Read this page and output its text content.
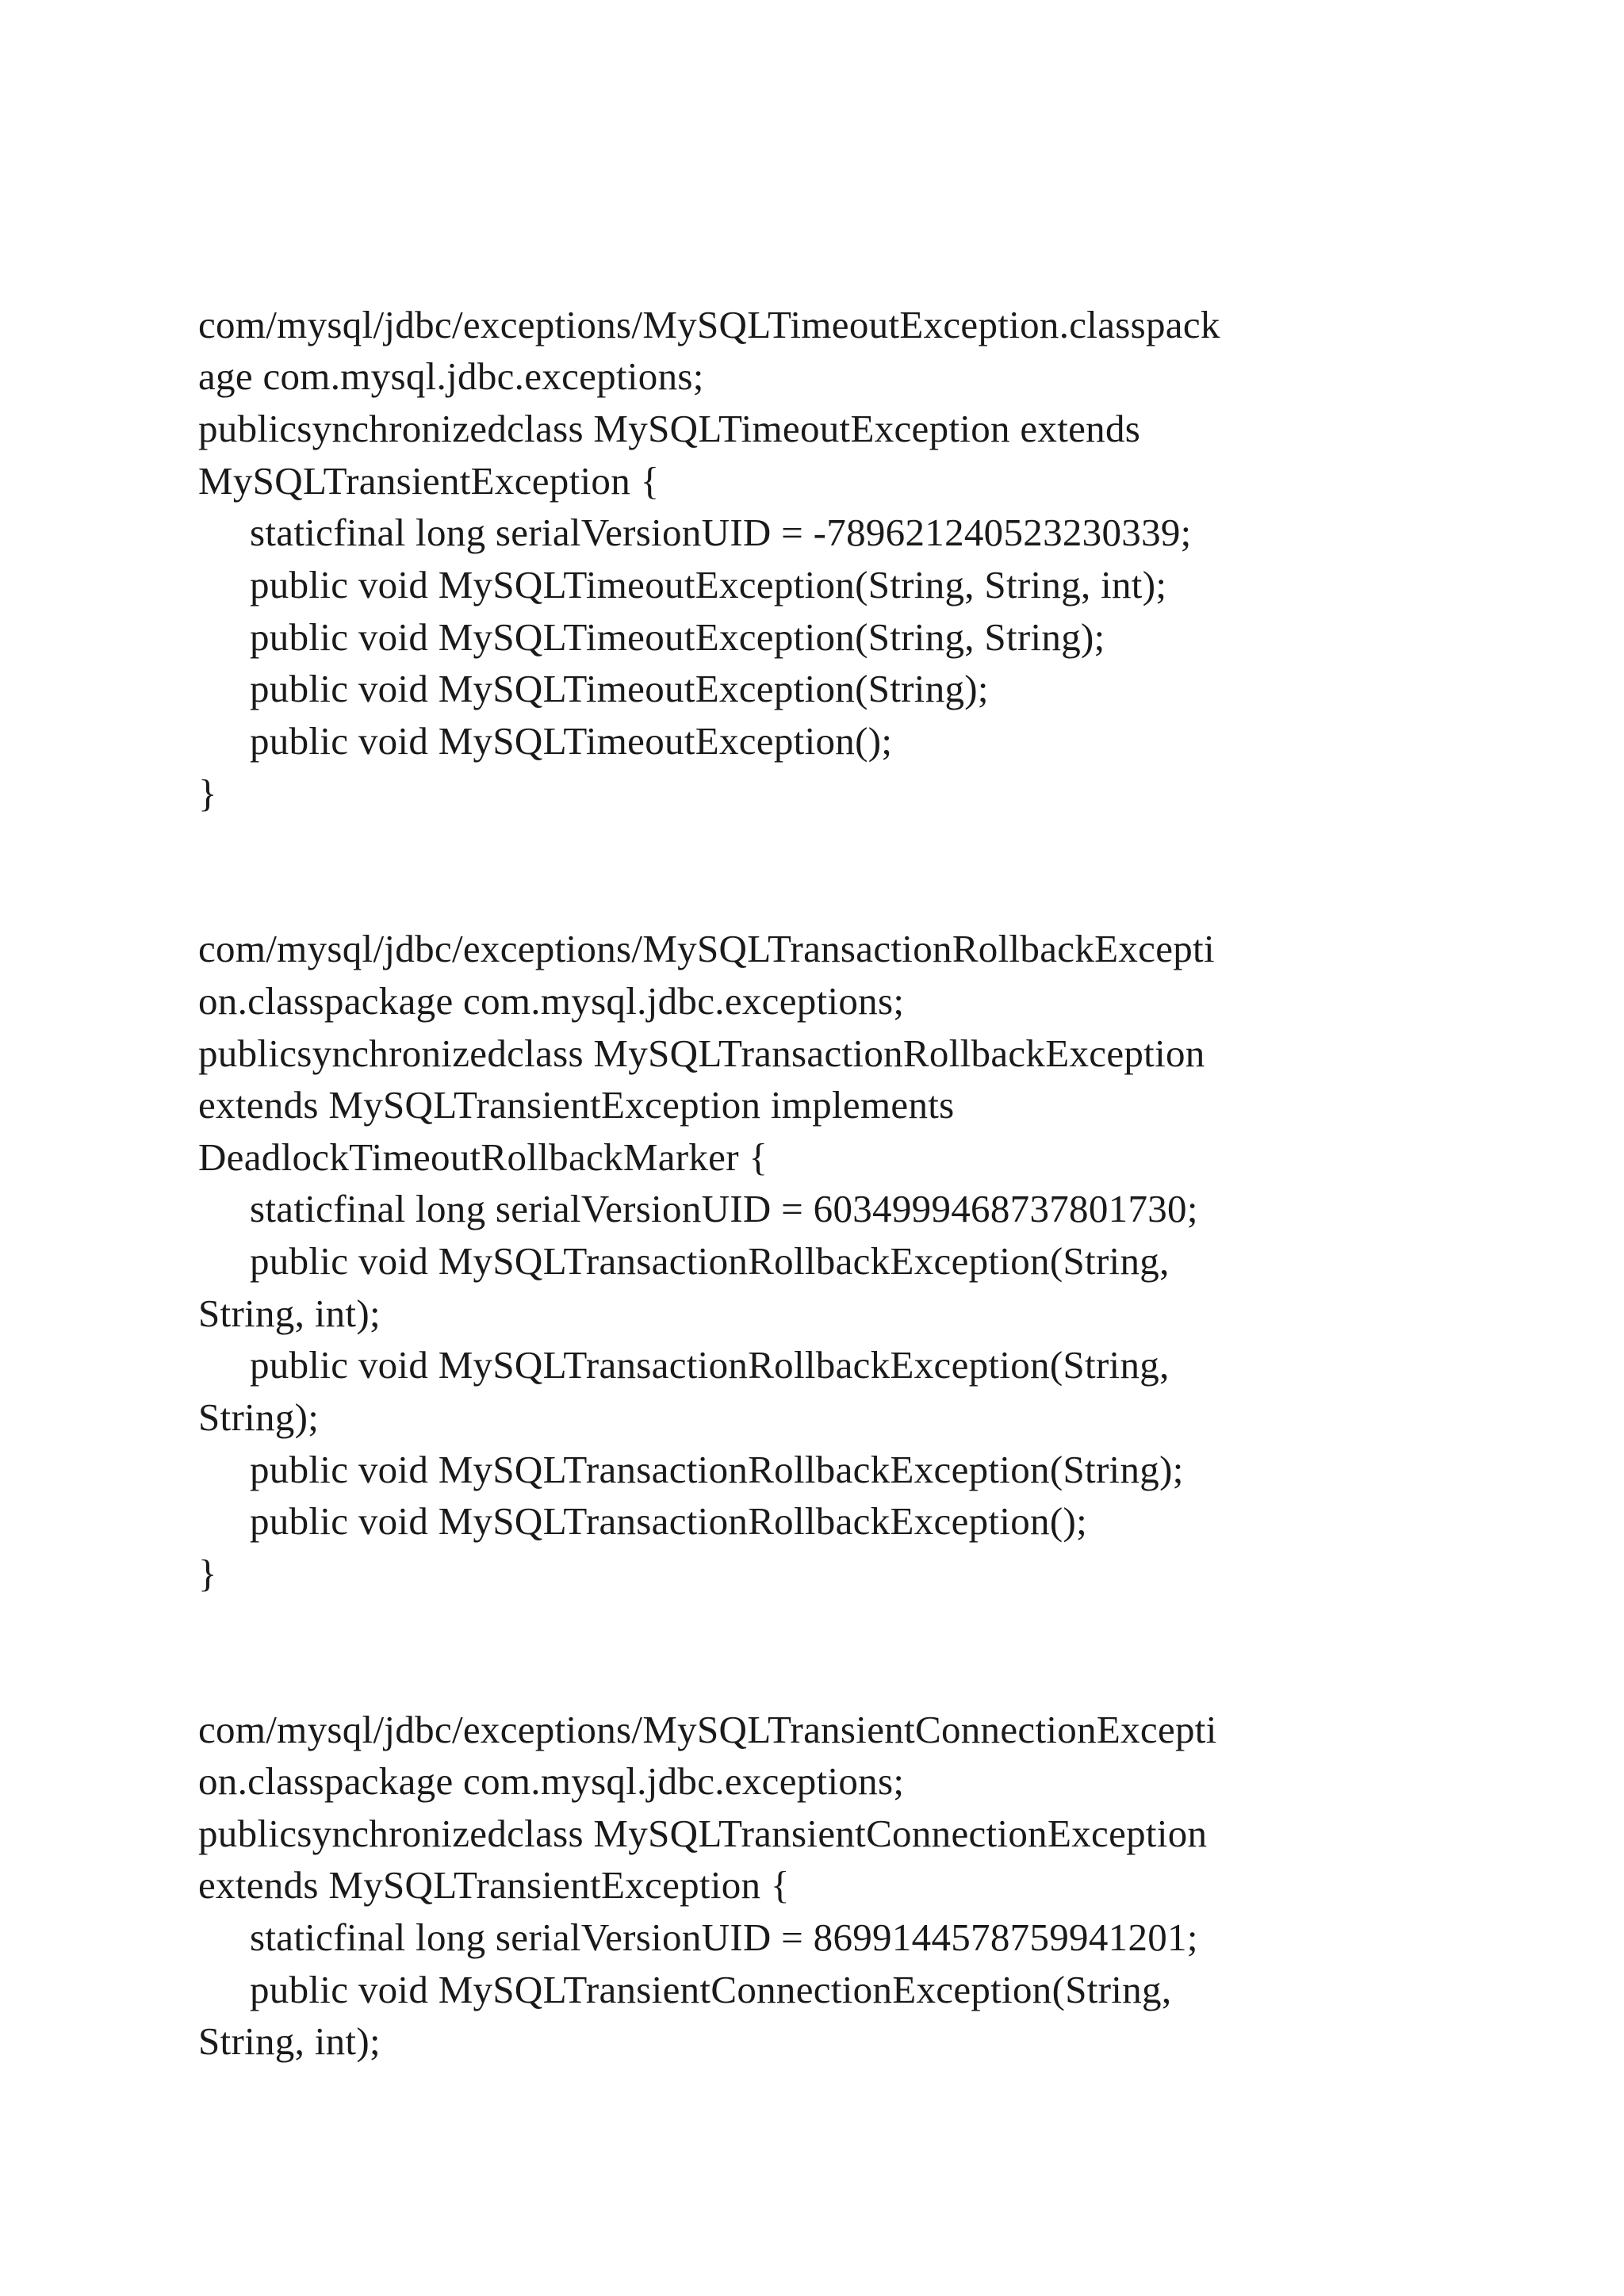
com/mysql/jdbc/exceptions/MySQLTimeoutException.classpack

age com.mysql.jdbc.exceptions;

publicsynchronizedclass MySQLTimeoutException extends

MySQLTransientException {

staticfinal long serialVersionUID = -789621240523230339;

public void MySQLTimeoutException(String, String, int);

public void MySQLTimeoutException(String, String);

public void MySQLTimeoutException(String);

public void MySQLTimeoutException();

}

com/mysql/jdbc/exceptions/MySQLTransactionRollbackExcepti

on.classpackage com.mysql.jdbc.exceptions;

publicsynchronizedclass MySQLTransactionRollbackException

extends MySQLTransientException implements

DeadlockTimeoutRollbackMarker {

staticfinal long serialVersionUID = 6034999468737801730;

public void MySQLTransactionRollbackException(String,

String, int);

public void MySQLTransactionRollbackException(String,

String);

public void MySQLTransactionRollbackException(String);

public void MySQLTransactionRollbackException();

}

com/mysql/jdbc/exceptions/MySQLTransientConnectionExcepti

on.classpackage com.mysql.jdbc.exceptions;

publicsynchronizedclass MySQLTransientConnectionException

extends MySQLTransientException {

staticfinal long serialVersionUID = 8699144578759941201;

public void MySQLTransientConnectionException(String,

String, int);
